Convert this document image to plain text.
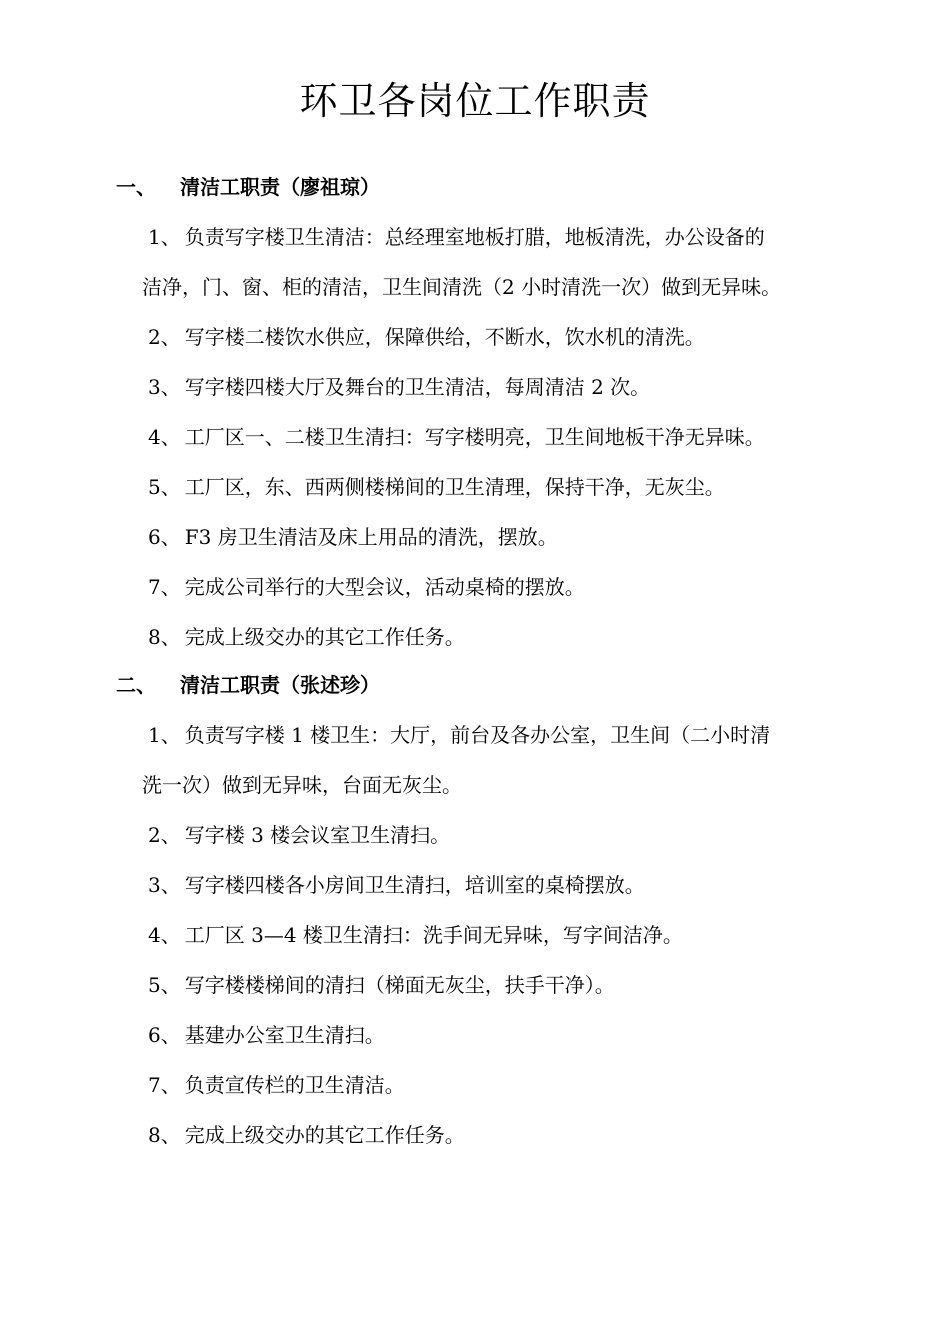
环卫各岗位工作职责
一、 清洁工职责（廖祖琼）
1、 负责写字楼卫生清洁：总经理室地板打腊，地板清洗，办公设备的
洁净，门、窗、柜的清洁，卫生间清洗（2 小时清洗一次）做到无异味。
2、 写字楼二楼饮水供应，保障供给，不断水，饮水机的清洗。
3、 写字楼四楼大厅及舞台的卫生清洁，每周清洁 2 次。
4、 工厂区一、二楼卫生清扫：写字楼明亮，卫生间地板干净无异味。
5、 工厂区，东、西两侧楼梯间的卫生清理，保持干净，无灰尘。
6、 F3 房卫生清洁及床上用品的清洗，摆放。
7、 完成公司举行的大型会议，活动桌椅的摆放。
8、 完成上级交办的其它工作任务。
二、 清洁工职责（张述珍）
1、 负责写字楼 1 楼卫生：大厅，前台及各办公室，卫生间（二小时清
洗一次）做到无异味，台面无灰尘。
2、 写字楼 3 楼会议室卫生清扫。
3、 写字楼四楼各小房间卫生清扫，培训室的桌椅摆放。
4、 工厂区 3—4 楼卫生清扫：洗手间无异味，写字间洁净。
5、 写字楼楼梯间的清扫（梯面无灰尘，扶手干净）。
6、 基建办公室卫生清扫。
7、 负责宣传栏的卫生清洁。
8、 完成上级交办的其它工作任务。
